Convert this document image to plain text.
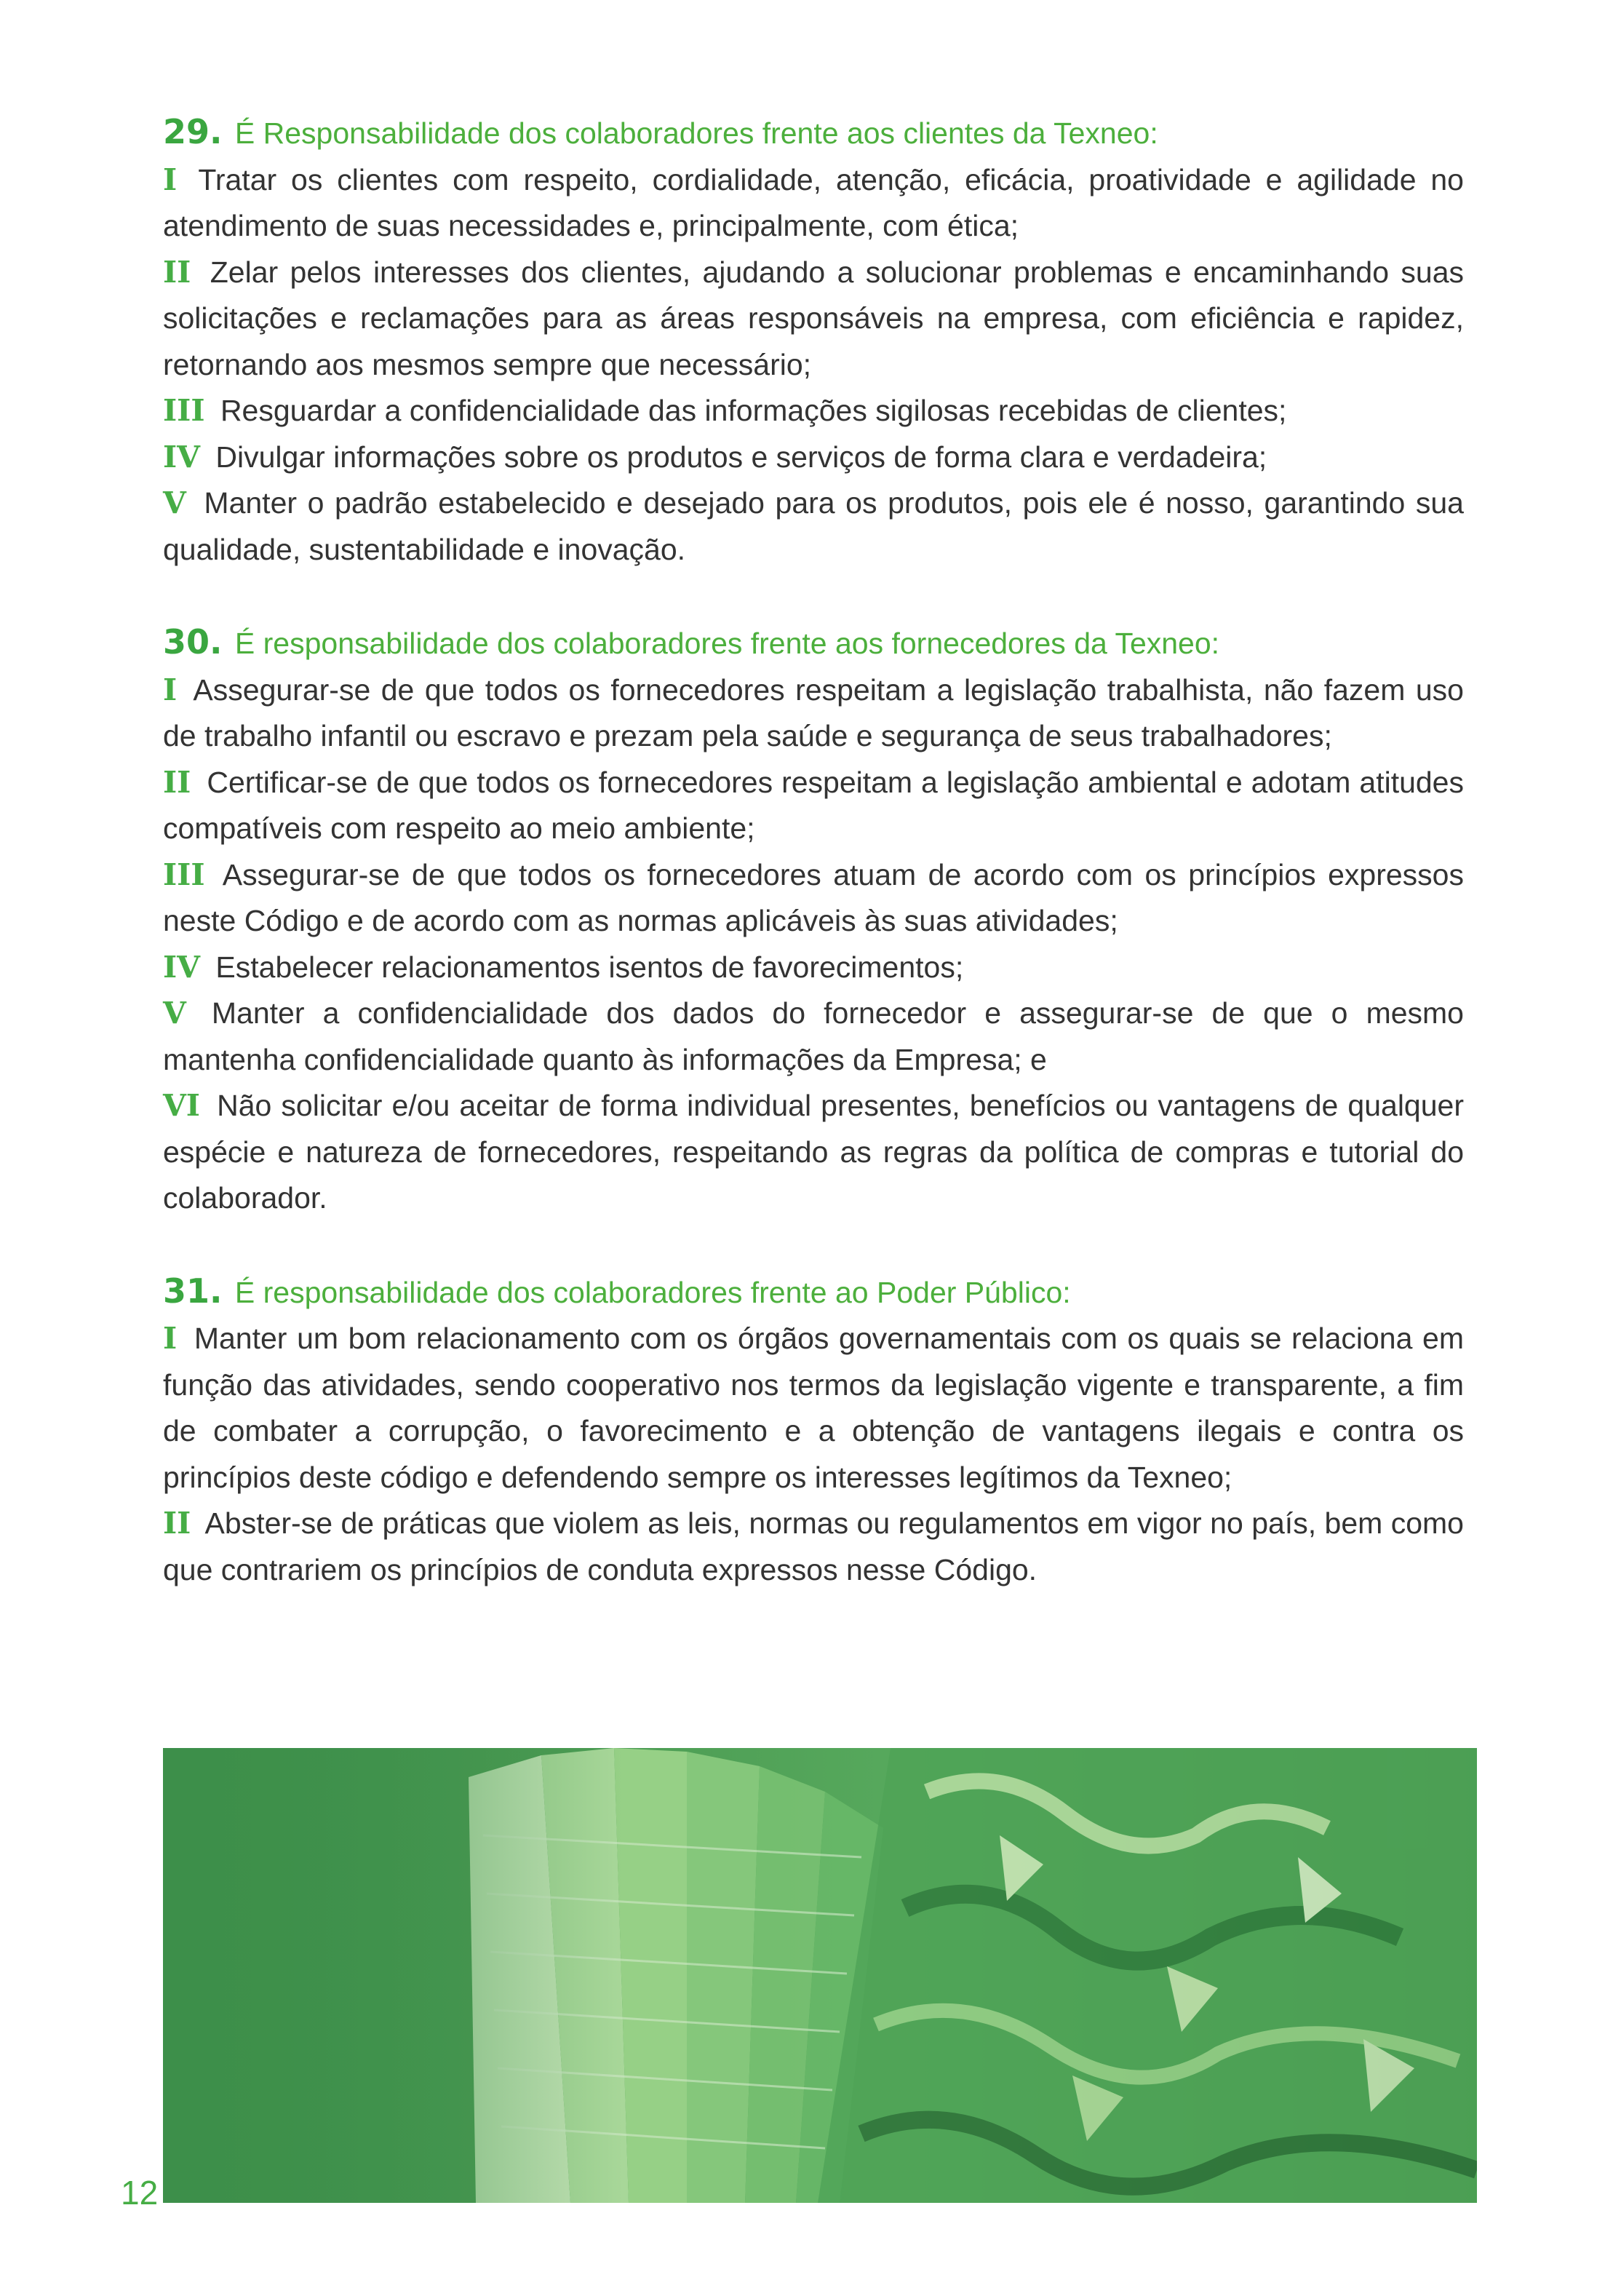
29. É Responsabilidade dos colaboradores frente aos clientes da Texneo:

I Tratar os clientes com respeito, cordialidade, atenção, eficácia, proatividade e agilidade no atendimento de suas necessidades e, principalmente, com ética;

II Zelar pelos interesses dos clientes, ajudando a solucionar problemas e encaminhando suas solicitações e reclamações para as áreas responsáveis na empresa, com eficiência e rapidez, retornando aos mesmos sempre que necessário;

III Resguardar a confidencialidade das informações sigilosas recebidas de clientes;

IV Divulgar informações sobre os produtos e serviços de forma clara e verdadeira;

V Manter o padrão estabelecido e desejado para os produtos, pois ele é nosso, garantindo sua qualidade, sustentabilidade e inovação.

30. É responsabilidade dos colaboradores frente aos fornecedores da Texneo:

I Assegurar-se de que todos os fornecedores respeitam a legislação trabalhista, não fazem uso de trabalho infantil ou escravo e prezam pela saúde e segurança de seus trabalhadores;

II Certificar-se de que todos os fornecedores respeitam a legislação ambiental e adotam atitudes compatíveis com respeito ao meio ambiente;

III Assegurar-se de que todos os fornecedores atuam de acordo com os princípios expressos neste Código e de acordo com as normas aplicáveis às suas atividades;

IV Estabelecer relacionamentos isentos de favorecimentos;

V Manter a confidencialidade dos dados do fornecedor e assegurar-se de que o mesmo mantenha confidencialidade quanto às informações da Empresa; e

VI Não solicitar e/ou aceitar de forma individual presentes, benefícios ou vantagens de qualquer espécie e natureza de fornecedores, respeitando as regras da política de compras e tutorial do colaborador.

31. É responsabilidade dos colaboradores frente ao Poder Público:

I Manter um bom relacionamento com os órgãos governamentais com os quais se relaciona em função das atividades, sendo cooperativo nos termos da legislação vigente e transparente, a fim de combater a corrupção, o favorecimento e a obtenção de vantagens ilegais e contra os princípios deste código e defendendo sempre os interesses legítimos da Texneo;

II Abster-se de práticas que violem as leis, normas ou regulamentos em vigor no país, bem como que contrariem os princípios de conduta expressos nesse Código.

12
